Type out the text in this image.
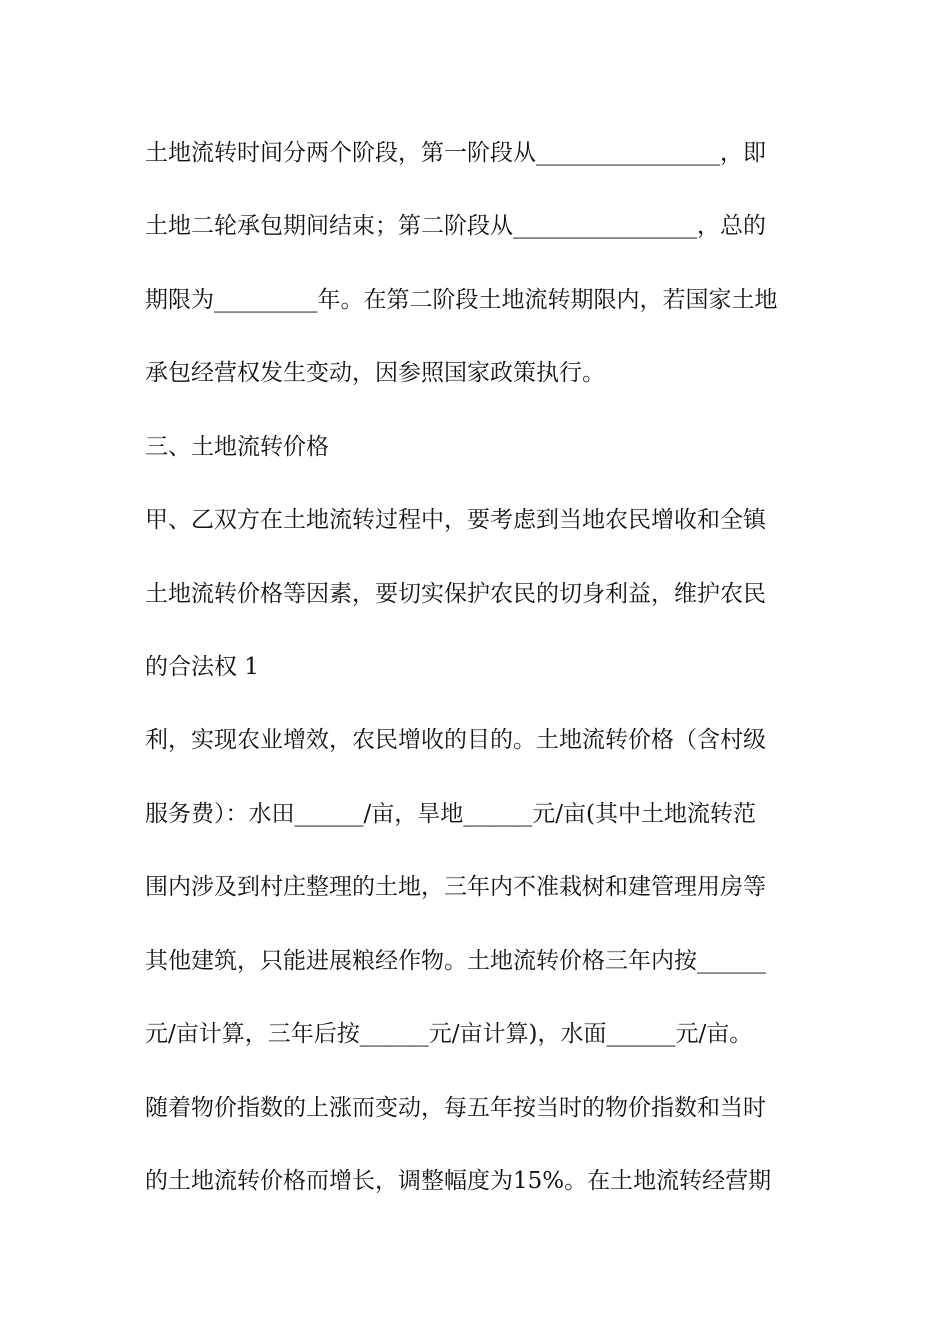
土地流转时间分两个阶段，第一阶段从________________，即
土地二轮承包期间结束；第二阶段从________________，总的
期限为_________年。在第二阶段土地流转期限内，若国家土地
承包经营权发生变动，因参照国家政策执行。
三、土地流转价格
甲、乙双方在土地流转过程中，要考虑到当地农民增收和全镇
土地流转价格等因素，要切实保护农民的切身利益，维护农民
的合法权 1
利，实现农业增效，农民增收的目的。土地流转价格（含村级
服务费）：水田______/亩，旱地______元/亩(其中土地流转范
围内涉及到村庄整理的土地，三年内不准栽树和建管理用房等
其他建筑，只能进展粮经作物。土地流转价格三年内按______
元/亩计算，三年后按______元/亩计算)，水面______元/亩。
随着物价指数的上涨而变动，每五年按当时的物价指数和当时
的土地流转价格而增长，调整幅度为15%。在土地流转经营期
